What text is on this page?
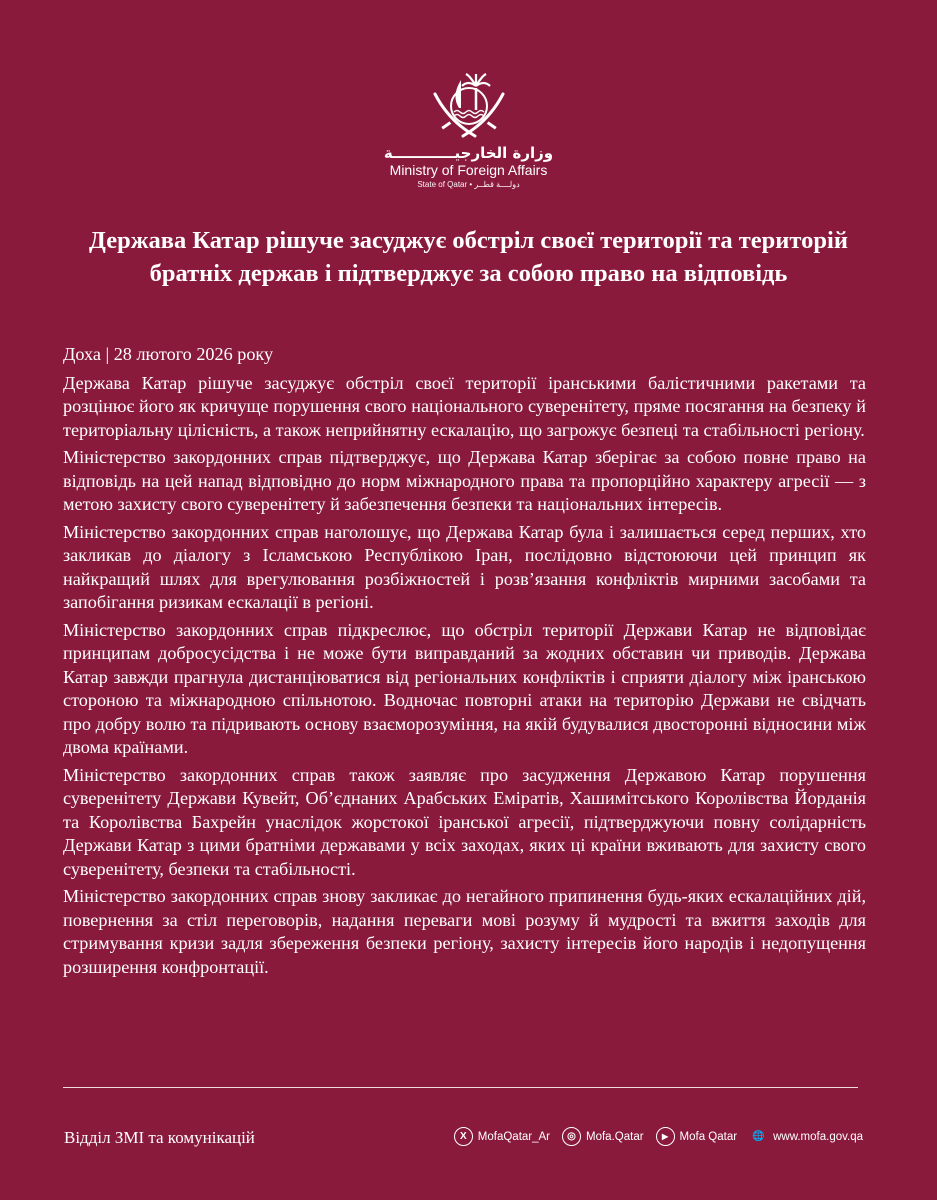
وزارة الخارجيــــــــــــة
Ministry of Foreign Affairs
State of Qatar • دولــــة قطــر
Держава Катар рішуче засуджує обстріл своєї території та територій братніх держав і підтверджує за собою право на відповідь
Доха | 28 лютого 2026 року

Держава Катар рішуче засуджує обстріл своєї території іранськими балістичними ракетами та розцінює його як кричуще порушення свого національного суверенітету, пряме посягання на безпеку й територіальну цілісність, а також неприйнятну ескалацію, що загрожує безпеці та стабільності регіону.

Міністерство закордонних справ підтверджує, що Держава Катар зберігає за собою повне право на відповідь на цей напад відповідно до норм міжнародного права та пропорційно характеру агресії — з метою захисту свого суверенітету й забезпечення безпеки та національних інтересів.

Міністерство закордонних справ наголошує, що Держава Катар була і залишається серед перших, хто закликав до діалогу з Ісламською Республікою Іран, послідовно відстоюючи цей принцип як найкращий шлях для врегулювання розбіжностей і розв’язання конфліктів мирними засобами та запобігання ризикам ескалації в регіоні.

Міністерство закордонних справ підкреслює, що обстріл території Держави Катар не відповідає принципам добросусідства і не може бути виправданий за жодних обставин чи приводів. Держава Катар завжди прагнула дистанціюватися від регіональних конфліктів і сприяти діалогу між іранською стороною та міжнародною спільнотою. Водночас повторні атаки на територію Держави не свідчать про добру волю та підривають основу взаєморозуміння, на якій будувалися двосторонні відносини між двома країнами.

Міністерство закордонних справ також заявляє про засудження Державою Катар порушення суверенітету Держави Кувейт, Об’єднаних Арабських Еміратів, Хашимітського Королівства Йорданія та Королівства Бахрейн унаслідок жорстокої іранської агресії, підтверджуючи повну солідарність Держави Катар з цими братніми державами у всіх заходах, яких ці країни вживають для захисту свого суверенітету, безпеки та стабільності.

Міністерство закордонних справ знову закликає до негайного припинення будь-яких ескалаційних дій, повернення за стіл переговорів, надання переваги мові розуму й мудрості та вжиття заходів для стримування кризи задля збереження безпеки регіону, захисту інтересів його народів і недопущення розширення конфронтації.

Відділ ЗМІ та комунікацій	X MofaQatar_Ar	◎ Mofa.Qatar	▶ Mofa Qatar	🌐 www.mofa.gov.qa
